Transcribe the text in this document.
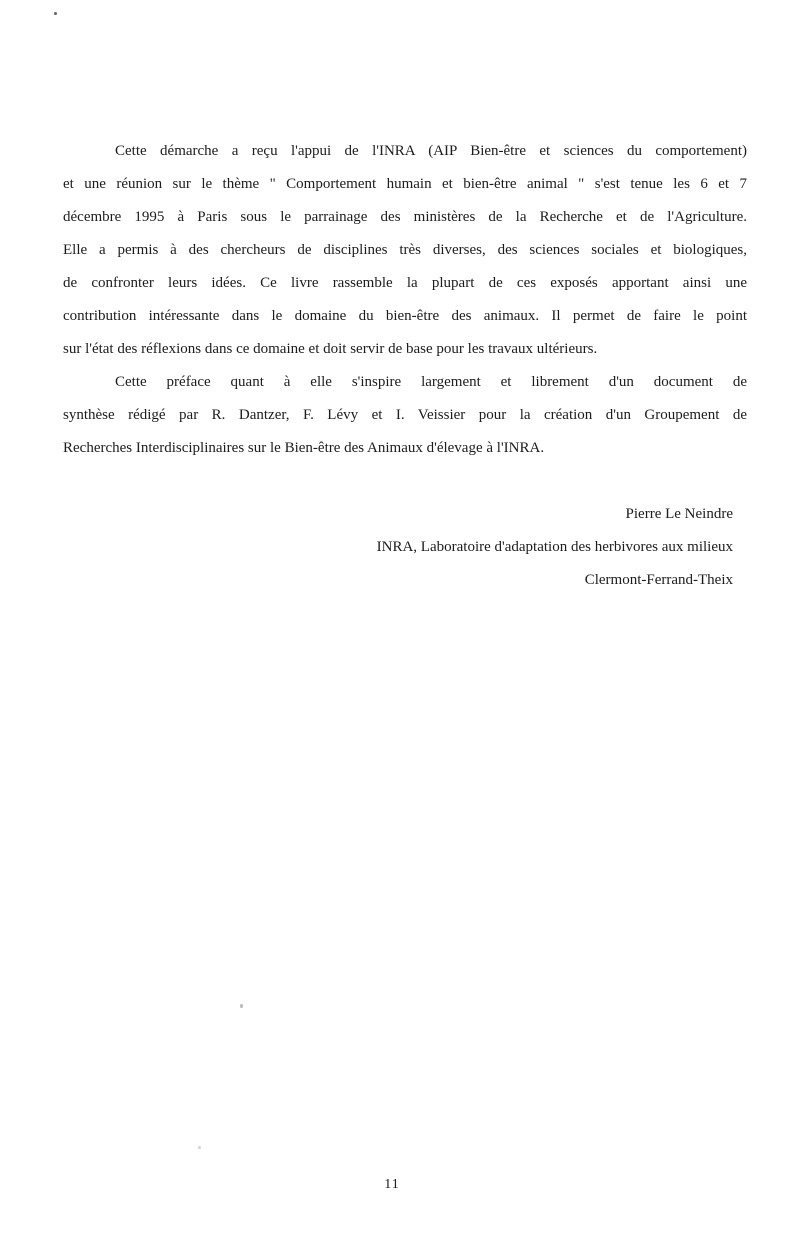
Cette démarche a reçu l'appui de l'INRA (AIP Bien-être et sciences du comportement)
et une réunion sur le thème " Comportement humain et bien-être animal " s'est tenue les 6 et 7
décembre 1995 à Paris sous le parrainage des ministères de la Recherche et de l'Agriculture.
Elle a permis à des chercheurs de disciplines très diverses, des sciences sociales et biologiques,
de confronter leurs idées. Ce livre rassemble la plupart de ces exposés apportant ainsi une
contribution intéressante dans le domaine du bien-être des animaux. Il permet de faire le point
sur l'état des réflexions dans ce domaine et doit servir de base pour les travaux ultérieurs.
Cette préface quant à elle s'inspire largement et librement d'un document de
synthèse rédigé par R. Dantzer, F. Lévy et I. Veissier pour la création d'un Groupement de
Recherches Interdisciplinaires sur le Bien-être des Animaux d'élevage à l'INRA.
Pierre Le Neindre
INRA, Laboratoire d'adaptation des herbivores aux milieux
Clermont-Ferrand-Theix
11
